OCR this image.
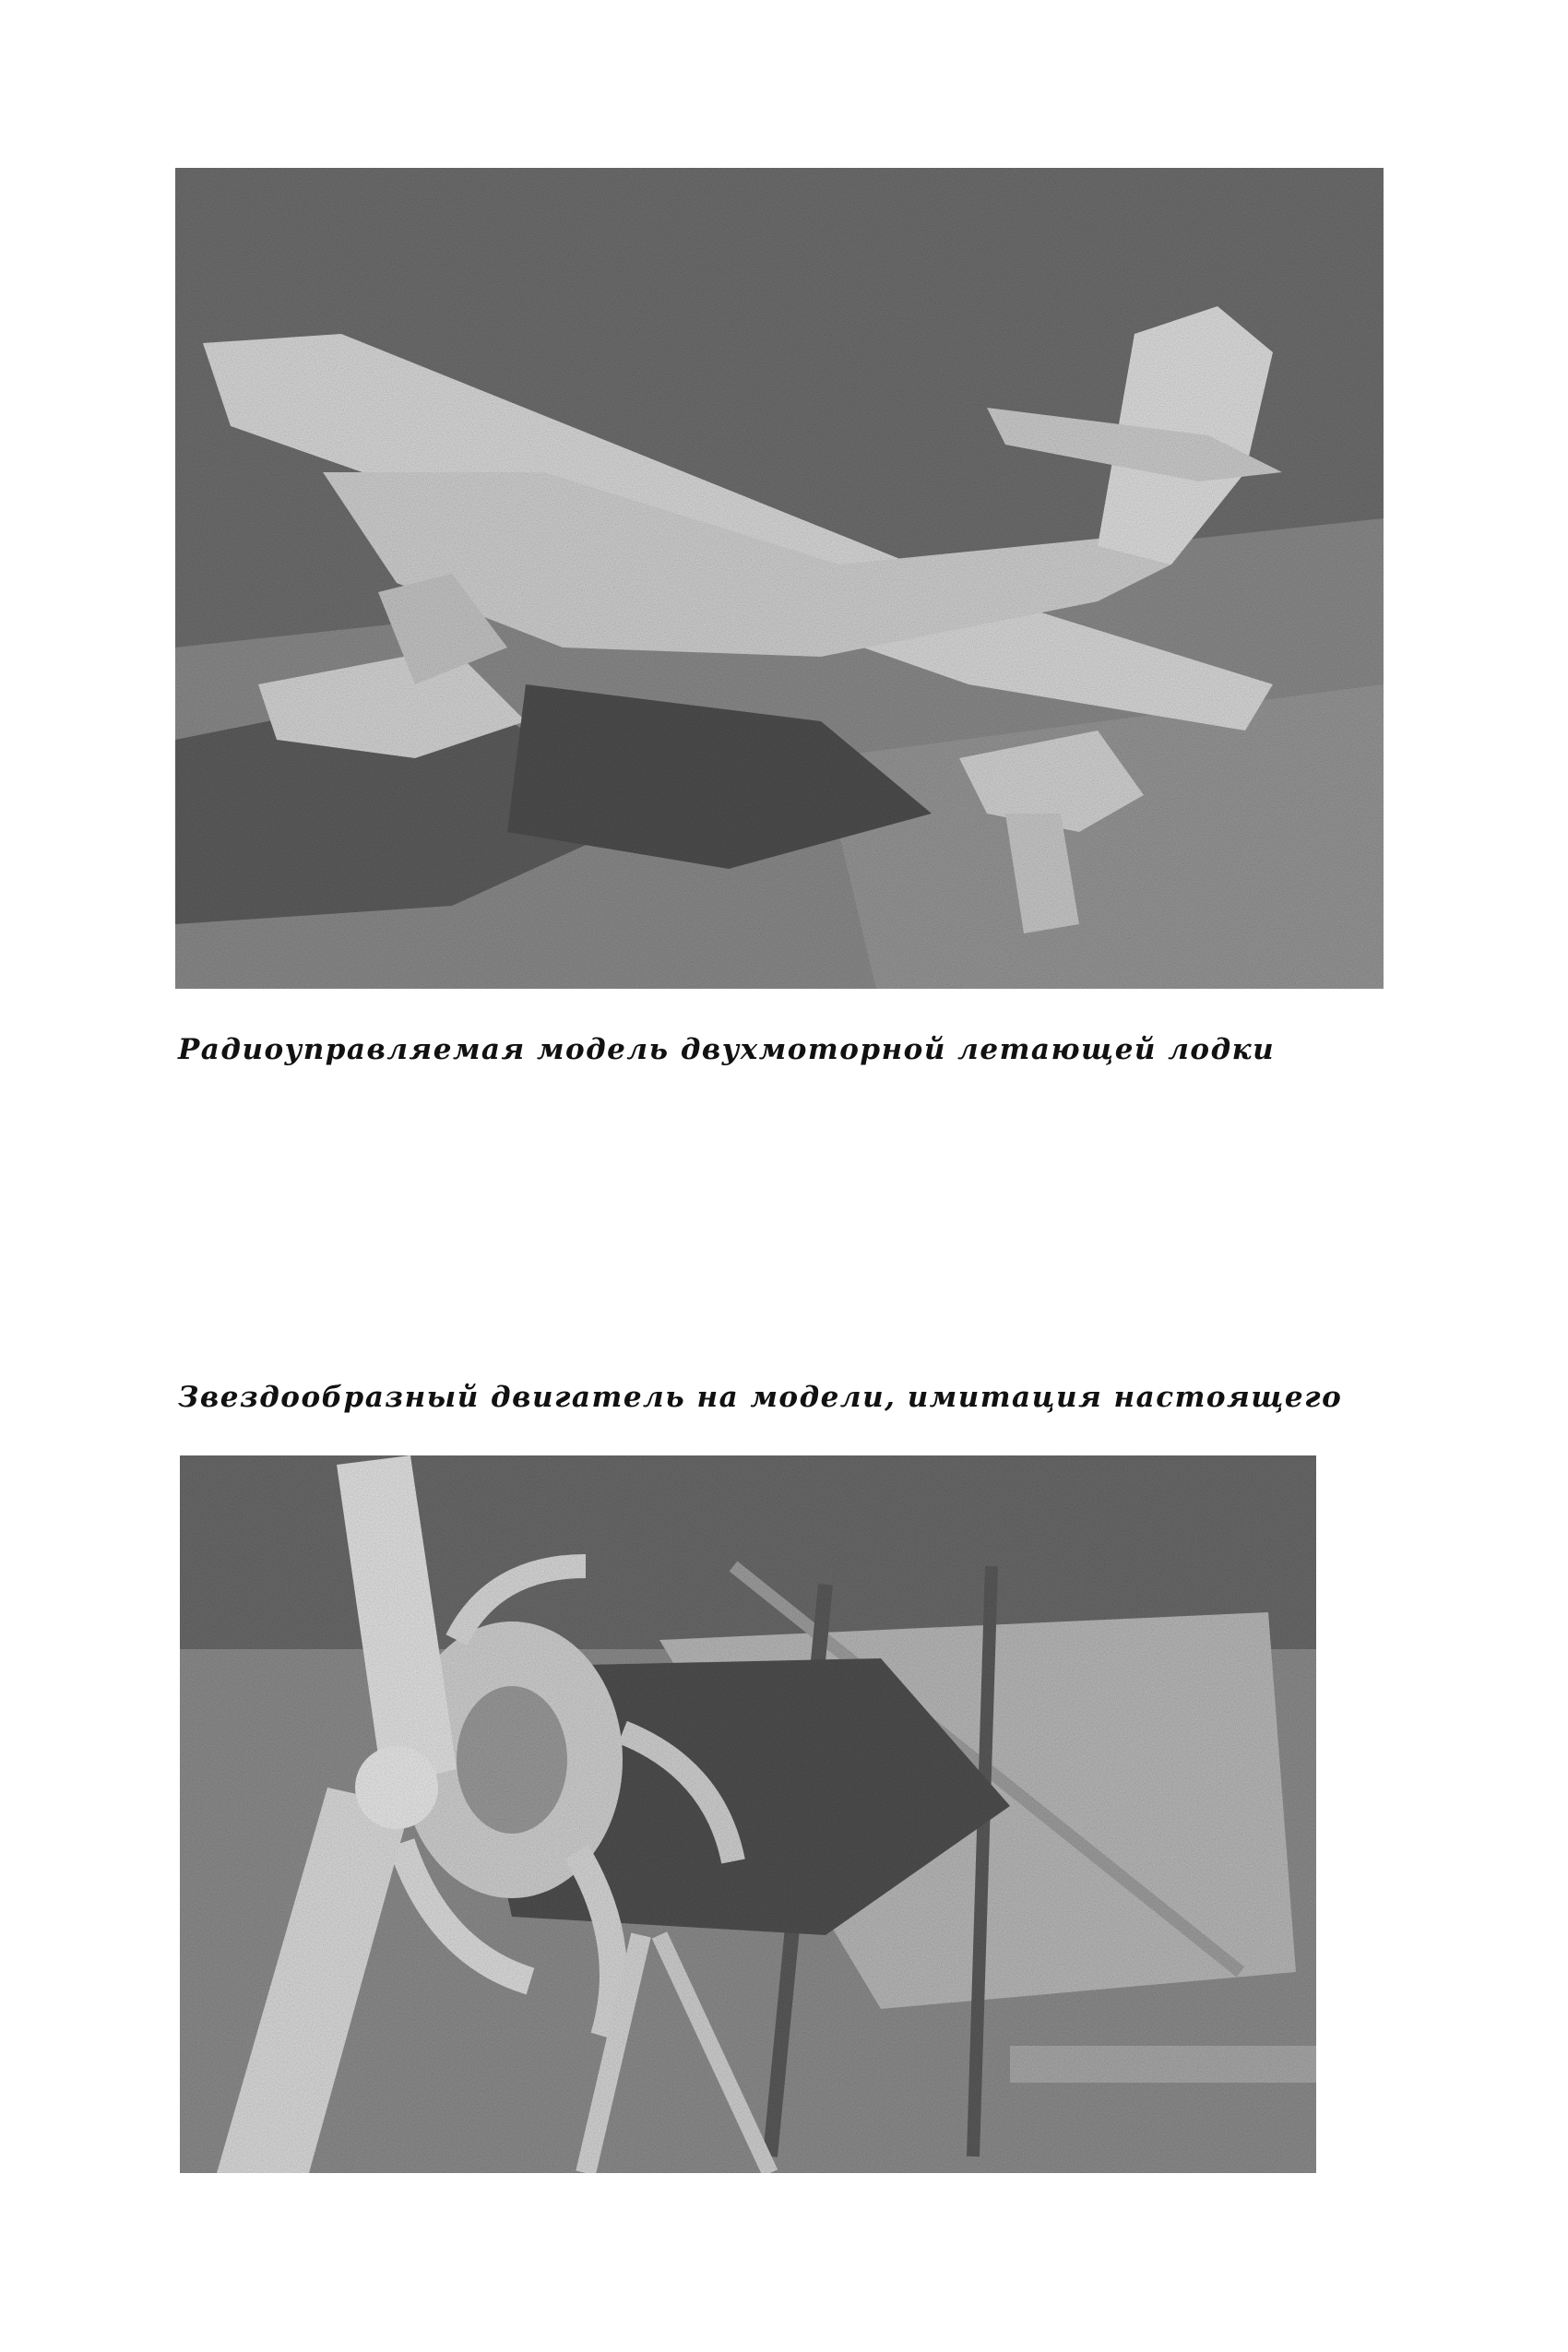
Радиоуправляемая модель двухмоторной летающей лодки
Звездообразный двигатель на модели, имитация настоящего
